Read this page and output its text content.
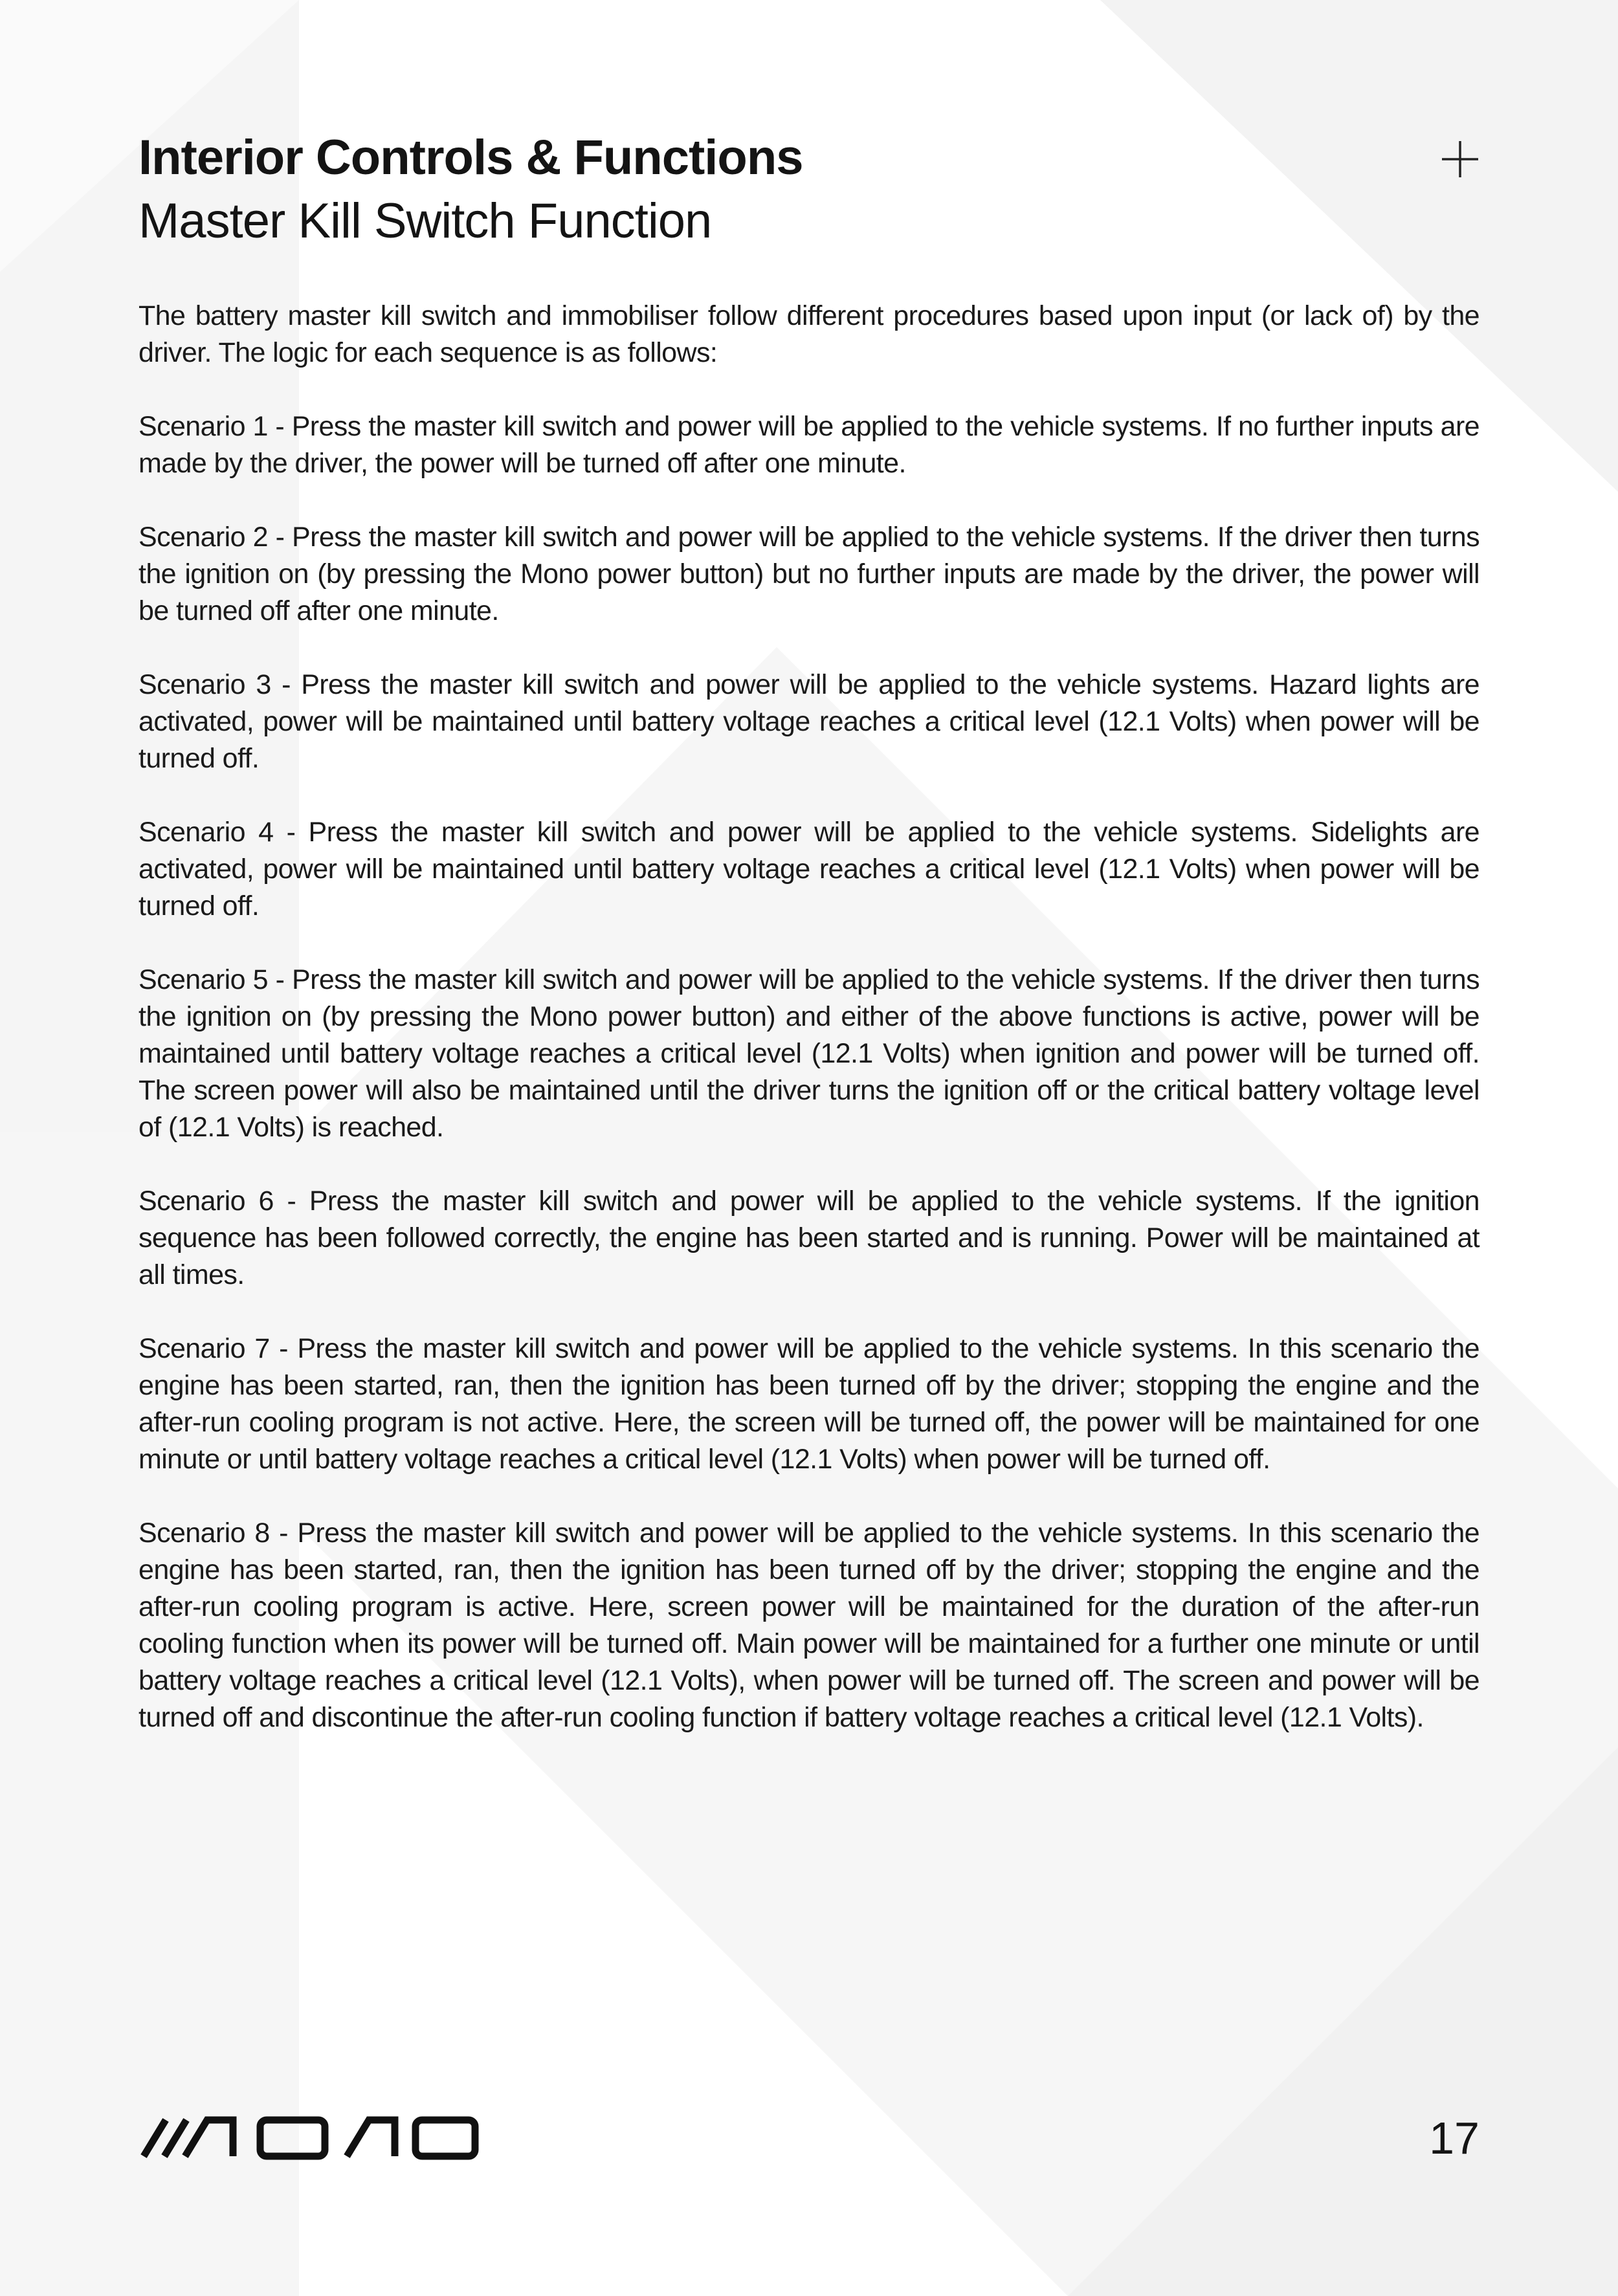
Interior Controls & Functions
Master Kill Switch Function

The battery master kill switch and immobiliser follow different procedures based upon input (or lack of) by the driver. The logic for each sequence is as follows:

Scenario 1 - Press the master kill switch and power will be applied to the vehicle systems. If no further inputs are made by the driver, the power will be turned off after one minute.

Scenario 2 - Press the master kill switch and power will be applied to the vehicle systems. If the driver then turns the ignition on (by pressing the Mono power button) but no further inputs are made by the driver, the power will be turned off after one minute.

Scenario 3 - Press the master kill switch and power will be applied to the vehicle systems. Hazard lights are activated, power will be maintained until battery voltage reaches a critical level (12.1 Volts) when power will be turned off.

Scenario 4 - Press the master kill switch and power will be applied to the vehicle systems. Sidelights are activated, power will be maintained until battery voltage reaches a critical level (12.1 Volts) when power will be turned off.

Scenario 5 - Press the master kill switch and power will be applied to the vehicle systems. If the driver then turns the ignition on (by pressing the Mono power button) and either of the above functions is active, power will be maintained until battery voltage reaches a critical level (12.1 Volts) when ignition and power will be turned off. The screen power will also be maintained until the driver turns the ignition off or the critical battery voltage level of (12.1 Volts) is reached.

Scenario 6 - Press the master kill switch and power will be applied to the vehicle systems. If the ignition sequence has been followed correctly, the engine has been started and is running. Power will be maintained at all times.

Scenario 7 - Press the master kill switch and power will be applied to the vehicle systems. In this scenario the engine has been started, ran, then the ignition has been turned off by the driver; stopping the engine and the after-run cooling program is not active. Here, the screen will be turned off, the power will be maintained for one minute or until battery voltage reaches a critical level (12.1 Volts) when power will be turned off.

Scenario 8 - Press the master kill switch and power will be applied to the vehicle systems. In this scenario the engine has been started, ran, then the ignition has been turned off by the driver; stopping the engine and the after-run cooling program is active. Here, screen power will be maintained for the duration of the after-run cooling function when its power will be turned off. Main power will be maintained for a further one minute or until battery voltage reaches a critical level (12.1 Volts), when power will be turned off. The screen and power will be turned off and discontinue the after-run cooling function if battery voltage reaches a critical level (12.1 Volts).

17
